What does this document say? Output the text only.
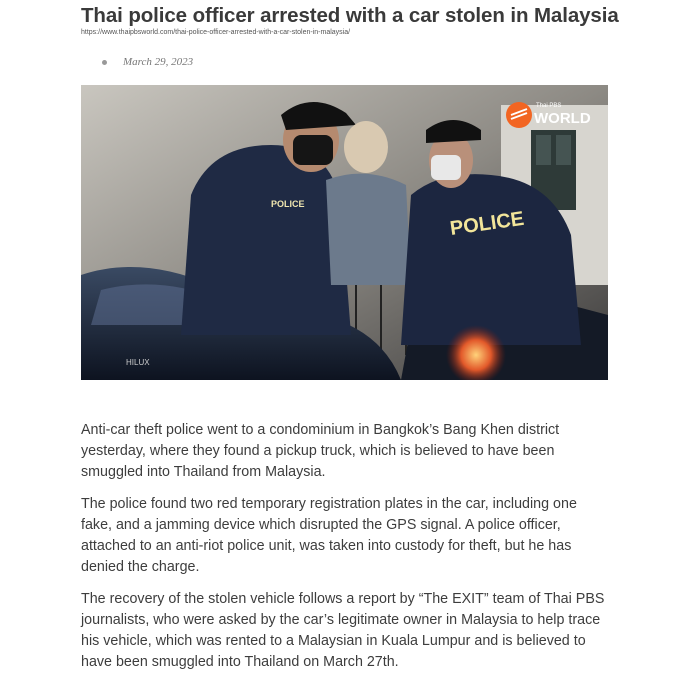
Thai police officer arrested with a car stolen in Malaysia
https://www.thaipbsworld.com/thai-police-officer-arrested-with-a-car-stolen-in-malaysia/
March 29, 2023
HILUX
POLICE
POLICE
Thai PBS
WORLD

Anti-car theft police went to a condominium in Bangkok’s Bang Khen district yesterday, where they found a pickup truck, which is believed to have been smuggled into Thailand from Malaysia.

The police found two red temporary registration plates in the car, including one fake, and a jamming device which disrupted the GPS signal. A police officer, attached to an anti-riot police unit, was taken into custody for theft, but he has denied the charge.

The recovery of the stolen vehicle follows a report by “The EXIT” team of Thai PBS journalists, who were asked by the car’s legitimate owner in Malaysia to help trace his vehicle, which was rented to a Malaysian in Kuala Lumpur and is believed to have been smuggled into Thailand on March 27th.
